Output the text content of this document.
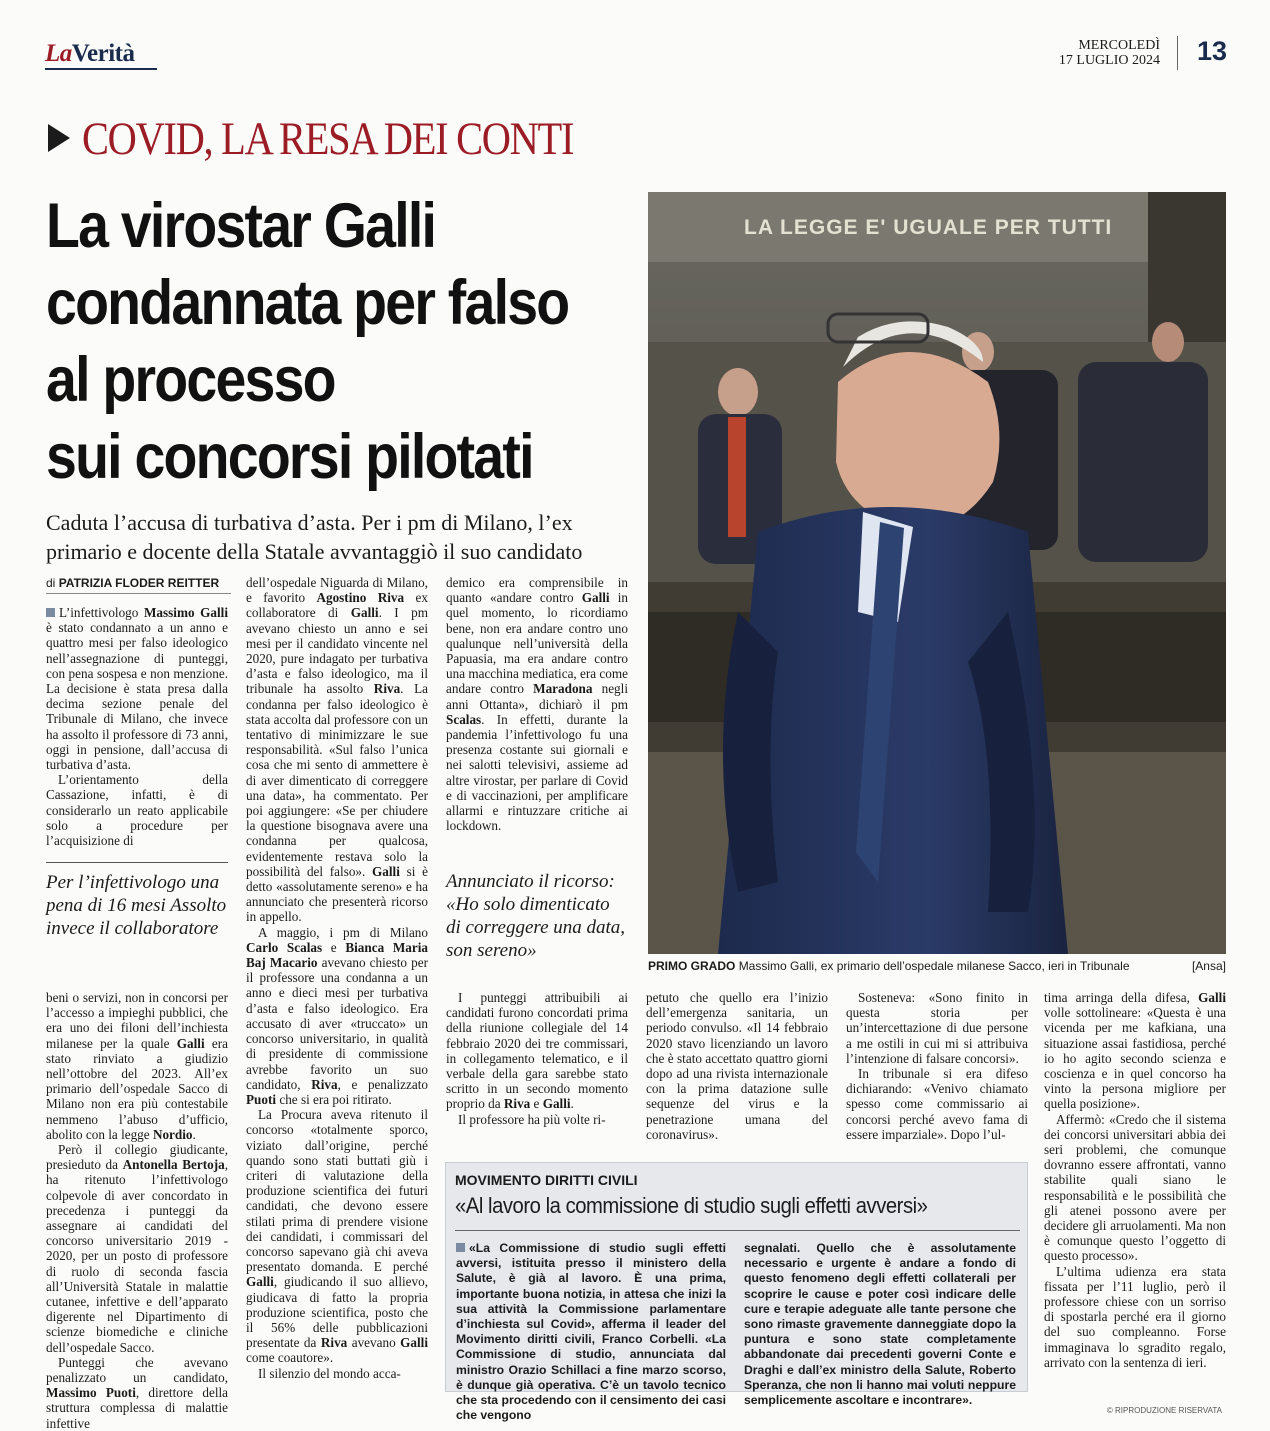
LaVerità	MERCOLEDÌ
17 LUGLIO 2024 13
COVID, LA RESA DEI CONTI
La virostar Galli
condannata per falso
al processo
sui concorsi pilotati
Caduta l’accusa di turbativa d’asta. Per i pm di Milano, l’ex primario e docente della Statale avvantaggiò il suo candidato
di PATRIZIA FLODER REITTER

L’infettivologo Massimo Galli è stato condannato a un anno e quattro mesi per falso ideologico nell’assegnazione di punteggi, con pena sospesa e non menzione. La decisione è stata presa dalla decima sezione penale del Tribunale di Milano, che invece ha assolto il professore di 73 anni, oggi in pensione, dall’accusa di turbativa d’asta.

L’orientamento della Cassazione, infatti, è di considerarlo un reato applicabile solo a procedure per l’acquisizione di

dell’ospedale Niguarda di Milano, e favorito Agostino Riva ex collaboratore di Galli. I pm avevano chiesto un anno e sei mesi per il candidato vincente nel 2020, pure indagato per turbativa d’asta e falso ideologico, ma il tribunale ha assolto Riva. La condanna per falso ideologico è stata accolta dal professore con un tentativo di minimizzare le sue responsabilità. «Sul falso l’unica cosa che mi sento di ammettere è di aver dimenticato di correggere una data», ha commentato. Per poi aggiungere: «Se per chiudere la questione bisognava avere una condanna per qualcosa, evidentemente restava solo la possibilità del falso». Galli si è detto «assolutamente sereno» e ha annunciato che presenterà ricorso in appello.

A maggio, i pm di Milano Carlo Scalas e Bianca Maria Baj Macario avevano chiesto per il professore una condanna a un anno e dieci mesi per turbativa d’asta e falso ideologico. Era accusato di aver «truccato» un concorso universitario, in qualità di presidente di commissione avrebbe favorito un suo candidato, Riva, e penalizzato Puoti che si era poi ritirato.

La Procura aveva ritenuto il concorso «totalmente sporco, viziato dall’origine, perché quando sono stati buttati giù i criteri di valutazione della produzione scientifica dei futuri candidati, che devono essere stilati prima di prendere visione dei candidati, i commissari del concorso sapevano già chi aveva presentato domanda. E perché Galli, giudicando il suo allievo, giudicava di fatto la propria produzione scientifica, posto che il 56% delle pubblicazioni presentate da Riva avevano Galli come coautore».

Il silenzio del mondo acca-

demico era comprensibile in quanto «andare contro Galli in quel momento, lo ricordiamo bene, non era andare contro uno qualunque nell’università della Papuasia, ma era andare contro una macchina mediatica, era come andare contro Maradona negli anni Ottanta», dichiarò il pm Scalas. In effetti, durante la pandemia l’infettivologo fu una presenza costante sui giornali e nei salotti televisivi, assieme ad altre virostar, per parlare di Covid e di vaccinazioni, per amplificare allarmi e rintuzzare critiche ai lockdown.

Per l’infettivologo una pena di 16 mesi Assolto invece il collaboratore
Annunciato il ricorso: «Ho solo dimenticato di correggere una data, son sereno»
LA LEGGE E' UGUALE PER TUTTI
PRIMO GRADO Massimo Galli, ex primario dell’ospedale milanese Sacco, ieri in Tribunale	[Ansa]

beni o servizi, non in concorsi per l’accesso a impieghi pubblici, che era uno dei filoni dell’inchiesta milanese per la quale Galli era stato rinviato a giudizio nell’ottobre del 2023. All’ex primario dell’ospedale Sacco di Milano non era più contestabile nemmeno l’abuso d’ufficio, abolito con la legge Nordio.

Però il collegio giudicante, presieduto da Antonella Bertoja, ha ritenuto l’infettivologo colpevole di aver concordato in precedenza i punteggi da assegnare ai candidati del concorso universitario 2019 - 2020, per un posto di professore di ruolo di seconda fascia all’Università Statale in malattie cutanee, infettive e dell’apparato digerente nel Dipartimento di scienze biomediche e cliniche dell’ospedale Sacco.

Punteggi che avevano penalizzato un candidato, Massimo Puoti, direttore della struttura complessa di malattie infettive

I punteggi attribuibili ai candidati furono concordati prima della riunione collegiale del 14 febbraio 2020 dei tre commissari, in collegamento telematico, e il verbale della gara sarebbe stato scritto in un secondo momento proprio da Riva e Galli.

Il professore ha più volte ri-

petuto che quello era l’inizio dell’emergenza sanitaria, un periodo convulso. «Il 14 febbraio 2020 stavo licenziando un lavoro che è stato accettato quattro giorni dopo ad una rivista internazionale con la prima datazione sulle sequenze del virus e la penetrazione umana del coronavirus».

Sosteneva: «Sono finito in questa storia per un’intercettazione di due persone a me ostili in cui mi si attribuiva l’intenzione di falsare concorsi».

In tribunale si era difeso dichiarando: «Venivo chiamato spesso come commissario ai concorsi perché avevo fama di essere imparziale». Dopo l’ul-

tima arringa della difesa, Galli volle sottolineare: «Questa è una vicenda per me kafkiana, una situazione assai fastidiosa, perché io ho agito secondo scienza e coscienza e in quel concorso ha vinto la persona migliore per quella posizione».

Affermò: «Credo che il sistema dei concorsi universitari abbia dei seri problemi, che comunque dovranno essere affrontati, vanno stabilite quali siano le responsabilità e le possibilità che gli atenei possono avere per decidere gli arruolamenti. Ma non è comunque questo l’oggetto di questo processo».

L’ultima udienza era stata fissata per l’11 luglio, però il professore chiese con un sorriso di spostarla perché era il giorno del suo compleanno. Forse immaginava lo sgradito regalo, arrivato con la sentenza di ieri.

«La Commissione di studio sugli effetti avversi, istituita presso il ministero della Salute, è già al lavoro. È una prima, importante buona notizia, in attesa che inizi la sua attività la Commissione parlamentare d’inchiesta sul Covid», afferma il leader del Movimento diritti civili, Franco Corbelli. «La Commissione di studio, annunciata dal ministro Orazio Schillaci a fine marzo scorso, è dunque già operativa. C’è un tavolo tecnico che sta procedendo con il censimento dei casi che vengono
segnalati. Quello che è assolutamente necessario e urgente è andare a fondo di questo fenomeno degli effetti collaterali per scoprire le cause e poter così indicare delle cure e terapie adeguate alle tante persone che sono rimaste gravemente danneggiate dopo la puntura e sono state completamente abbandonate dai precedenti governi Conte e Draghi e dall’ex ministro della Salute, Roberto Speranza, che non li hanno mai voluti neppure semplicemente ascoltare e incontrare».
MOVIMENTO DIRITTI CIVILI
«Al lavoro la commissione di studio sugli effetti avversi»
© RIPRODUZIONE RISERVATA
